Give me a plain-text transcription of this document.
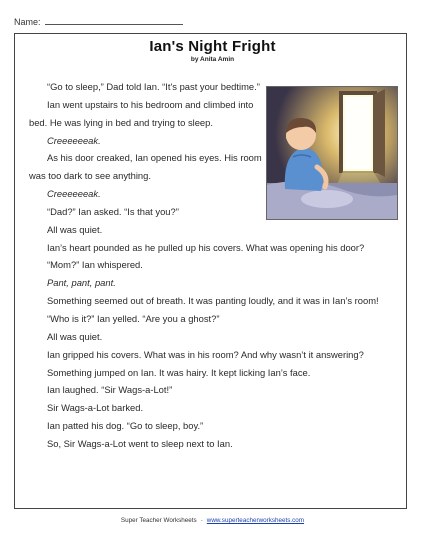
Name:
Ian's Night Fright
by Anita Amin

“Go to sleep,” Dad told Ian. “It's past your bedtime.”

Ian went upstairs to his bedroom and climbed into bed. He was lying in bed and trying to sleep.

Creeeeeeak.

As his door creaked, Ian opened his eyes. His room was too dark to see anything.

Creeeeeeak.

“Dad?” Ian asked. “Is that you?”

All was quiet.

Ian’s heart pounded as he pulled up his covers. What was opening his door?

“Mom?” Ian whispered.

Pant, pant, pant.

Something seemed out of breath. It was panting loudly, and it was in Ian’s room!

“Who is it?” Ian yelled. “Are you a ghost?”

All was quiet.

Ian gripped his covers. What was in his room? And why wasn’t it answering?

Something jumped on Ian. It was hairy. It kept licking Ian’s face.

Ian laughed. “Sir Wags-a-Lot!”

Sir Wags-a-Lot barked.

Ian patted his dog. “Go to sleep, boy.”

So, Sir Wags-a-Lot went to sleep next to Ian.

Super Teacher Worksheets - www.superteacherworksheets.com
